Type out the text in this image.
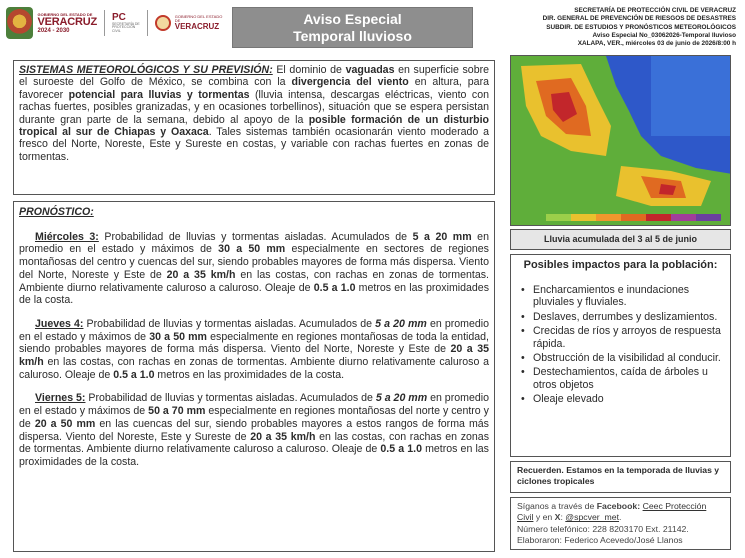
GOBIERNO DEL ESTADO DE
VERACRUZ
2024 - 2030
PC
SECRETARÍA DE PROTECCIÓN CIVIL
GOBIERNO DEL ESTADO DE
VERACRUZ	Aviso Especial
Temporal lluvioso
SECRETARÍA DE PROTECCIÓN CIVIL DE VERACRUZ
DIR. GENERAL DE PREVENCIÓN DE RIESGOS DE DESASTRES
SUBDIR. DE ESTUDIOS Y PRONÓSTICOS METEOROLÓGICOS
Aviso Especial No_03062026-Temporal lluvioso
XALAPA, VER., miércoles 03 de junio de 2026/8:00 h
SISTEMAS METEOROLÓGICOS Y SU PREVISIÓN: El dominio de vaguadas en superficie sobre el suroeste del Golfo de México, se combina con la divergencia del viento en altura, para favorecer potencial para lluvias y tormentas (lluvia intensa, descargas eléctricas, viento con rachas fuertes, posibles granizadas, y en ocasiones torbellinos), situación que se espera persistan durante gran parte de la semana, debido al apoyo de la posible formación de un disturbio tropical al sur de Chiapas y Oaxaca. Tales sistemas también ocasionarán viento moderado a fresco del Norte, Noreste, Este y Sureste en costas, y variable con rachas fuertes en zonas de tormentas.
PRONÓSTICO:

Miércoles 3: Probabilidad de lluvias y tormentas aisladas. Acumulados de 5 a 20 mm en promedio en el estado y máximos de 30 a 50 mm especialmente en sectores de regiones montañosas del centro y cuencas del sur, siendo probables mayores de forma más dispersa. Viento del Norte, Noreste y Este de 20 a 35 km/h en las costas, con rachas en zonas de tormentas. Ambiente diurno relativamente caluroso a caluroso. Oleaje de 0.5 a 1.0 metros en las proximidades de la costa.

Jueves 4: Probabilidad de lluvias y tormentas aisladas. Acumulados de 5 a 20 mm en promedio en el estado y máximos de 30 a 50 mm especialmente en regiones montañosas de toda la entidad, siendo probables mayores de forma más dispersa. Viento del Norte, Noreste y Este de 20 a 35 km/h en las costas, con rachas en zonas de tormentas. Ambiente diurno relativamente caluroso a caluroso. Oleaje de 0.5 a 1.0 metros en las proximidades de la costa.

Viernes 5: Probabilidad de lluvias y tormentas aisladas. Acumulados de 5 a 20 mm en promedio en el estado y máximos de 50 a 70 mm especialmente en regiones montañosas del norte y centro y de 20 a 50 mm en las cuencas del sur, siendo probables mayores a estos rangos de forma más dispersa. Viento del Noreste, Este y Sureste de 20 a 35 km/h en las costas, con rachas en zonas de tormentas. Ambiente diurno relativamente caluroso a caluroso. Oleaje de 0.5 a 1.0 metros en las proximidades de la costa.

Lluvia acumulada del 3 al 5 de junio
Posibles impactos para la población:
• Encharcamientos e inundaciones pluviales y fluviales.
• Deslaves, derrumbes y deslizamientos.
• Crecidas de ríos y arroyos de respuesta rápida.
• Obstrucción de la visibilidad al conducir.
• Destechamientos, caída de árboles u otros objetos
• Oleaje elevado
Recuerden. Estamos en la temporada de lluvias y ciclones tropicales
Síganos a través de Facebook: Ceec Protección Civil y en X: @spcver_met.
Número telefónico: 228 8203170 Ext. 21142.
Elaboraron: Federico Acevedo/José Llanos
